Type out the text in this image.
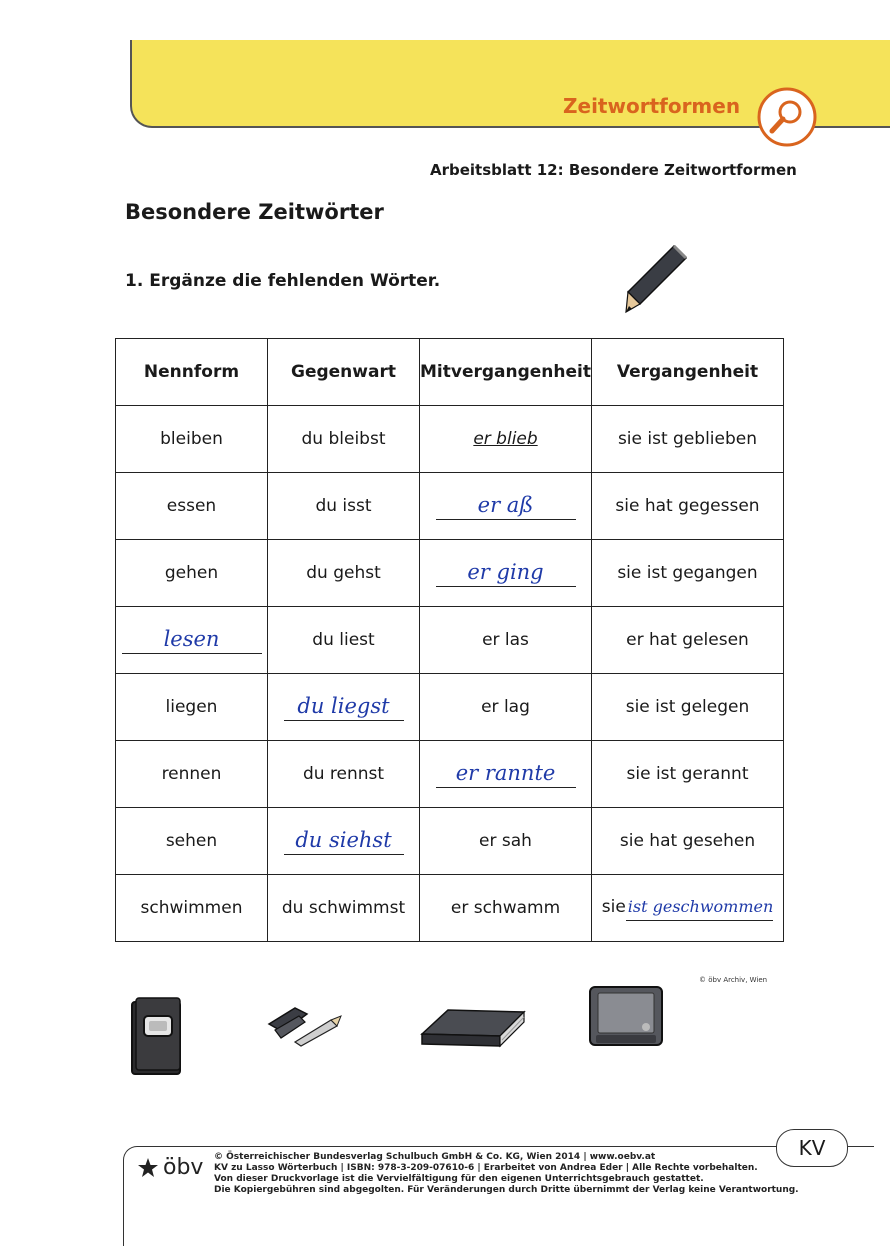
Zeitwortformen
Arbeitsblatt 12: Besondere Zeitwortformen
Besondere Zeitwörter
1. Ergänze die fehlenden Wörter.
Nennform	Gegenwart	Mitvergangenheit	Vergangenheit
bleiben	du bleibst	er blieb	sie ist geblieben
essen	du isst	er aß	sie hat gegessen
gehen	du gehst	er ging	sie ist gegangen
lesen	du liest	er las	er hat gelesen
liegen	du liegst	er lag	sie ist gelegen
rennen	du rennst	er rannte	sie ist gerannt
sehen	du siehst	er sah	sie hat gesehen
schwimmen	du schwimmst	er schwamm	sie ist geschwommen
© öbv Archiv, Wien
KV
öbv © Österreichischer Bundesverlag Schulbuch GmbH & Co. KG, Wien 2014 | www.oebv.at
KV zu Lasso Wörterbuch | ISBN: 978-3-209-07610-6 | Erarbeitet von Andrea Eder | Alle Rechte vorbehalten.
Von dieser Druckvorlage ist die Vervielfältigung für den eigenen Unterrichtsgebrauch gestattet.
Die Kopiergebühren sind abgegolten. Für Veränderungen durch Dritte übernimmt der Verlag keine Verantwortung.
